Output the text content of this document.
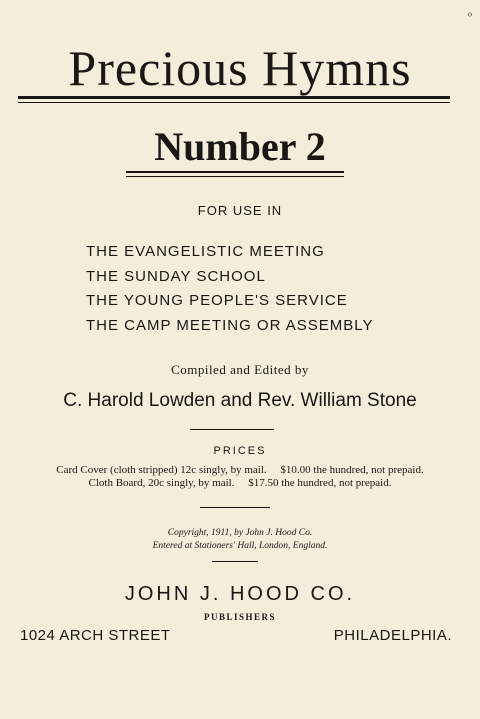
⁰
Precious Hymns
Number 2
FOR USE IN
THE EVANGELISTIC MEETING
THE SUNDAY SCHOOL
THE YOUNG PEOPLE'S SERVICE
THE CAMP MEETING OR ASSEMBLY
Compiled and Edited by
C. Harold Lowden and Rev. William Stone
PRICES
Card Cover (cloth stripped) 12c singly, by mail.     $10.00 the hundred, not prepaid.
Cloth Board, 20c singly, by mail.     $17.50 the hundred, not prepaid.
Copyright, 1911, by John J. Hood Co.
Entered at Stationers' Hall, London, England.
JOHN J. HOOD CO.
PUBLISHERS
1024 ARCH STREET	PHILADELPHIA.
